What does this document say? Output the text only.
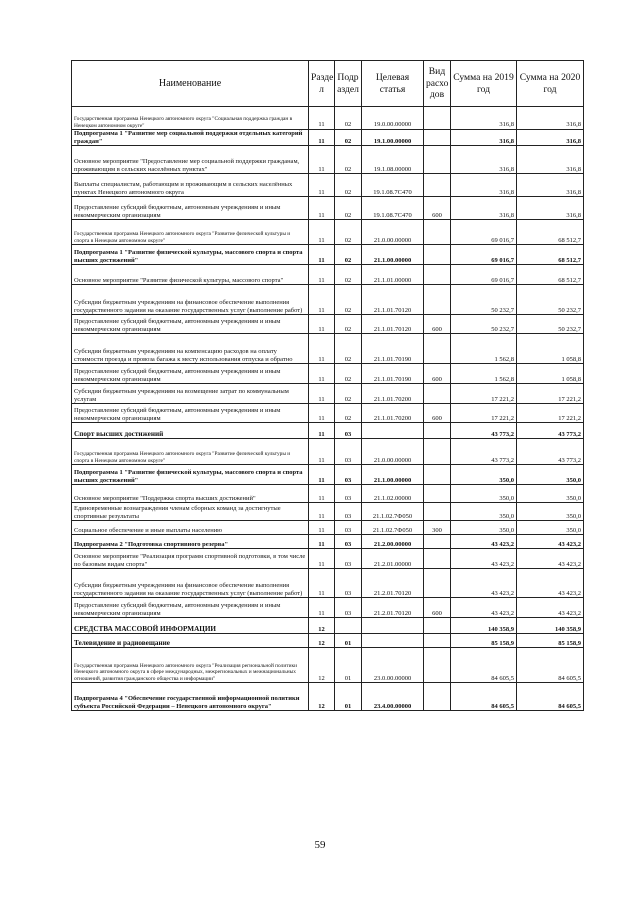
Наименование	Разде л	Подр аздел	Целевая статья	Вид расхо дов	Сумма на 2019 год	Сумма на 2020 год
Государственная программа Ненецкого автономного округа "Социальная поддержка граждан в Ненецком автономном округе"	11	02	19.0.00.00000		316,8	316,8
Подпрограмма 1 "Развитие мер социальной поддержки отдельных категорий граждан"	11	02	19.1.00.00000		316,8	316,8
Основное мероприятие "Предоставление мер социальной поддержки гражданам, проживающим в сельских населённых пунктах"	11	02	19.1.08.00000		316,8	316,8
Выплаты специалистам, работающим и проживающим в сельских населённых пунктах Ненецкого автономного округа	11	02	19.1.08.7С470		316,8	316,8
Предоставление субсидий бюджетным, автономным учреждениям и иным некоммерческим организациям	11	02	19.1.08.7С470	600	316,8	316,8
Государственная программа Ненецкого автономного округа "Развитие физической культуры и спорта в Ненецком автономном округе"	11	02	21.0.00.00000		69 016,7	68 512,7
Подпрограмма 1 "Развитие физической культуры, массового спорта и спорта высших достижений"	11	02	21.1.00.00000		69 016,7	68 512,7
Основное мероприятие "Развитие физической культуры, массового спорта"	11	02	21.1.01.00000		69 016,7	68 512,7
Субсидии бюджетным учреждениям на финансовое обеспечение выполнения государственного задания на оказание государственных услуг (выполнение работ)	11	02	21.1.01.70120		50 232,7	50 232,7
Предоставление субсидий бюджетным, автономным учреждениям и иным некоммерческим организациям	11	02	21.1.01.70120	600	50 232,7	50 232,7
Субсидии бюджетным учреждениям на компенсацию расходов на оплату стоимости проезда и провоза багажа к месту использования отпуска и обратно	11	02	21.1.01.70190		1 562,8	1 058,8
Предоставление субсидий бюджетным, автономным учреждениям и иным некоммерческим организациям	11	02	21.1.01.70190	600	1 562,8	1 058,8
Субсидии бюджетным учреждениям на возмещение затрат по коммунальным услугам	11	02	21.1.01.70200		17 221,2	17 221,2
Предоставление субсидий бюджетным, автономным учреждениям и иным некоммерческим организациям	11	02	21.1.01.70200	600	17 221,2	17 221,2
Спорт высших достижений	11	03			43 773,2	43 773,2
Государственная программа Ненецкого автономного округа "Развитие физической культуры и спорта в Ненецком автономном округе"	11	03	21.0.00.00000		43 773,2	43 773,2
Подпрограмма 1 "Развитие физической культуры, массового спорта и спорта высших достижений"	11	03	21.1.00.00000		350,0	350,0
Основное мероприятие "Поддержка спорта высших достижений"	11	03	21.1.02.00000		350,0	350,0
Единовременные вознаграждения членам сборных команд за достигнутые спортивные результаты	11	03	21.1.02.7Ф050		350,0	350,0
Социальное обеспечение и иные выплаты населению	11	03	21.1.02.7Ф050	300	350,0	350,0
Подпрограмма 2 "Подготовка спортивного резерва"	11	03	21.2.00.00000		43 423,2	43 423,2
Основное мероприятие "Реализация программ спортивной подготовки, в том числе по базовым видам спорта"	11	03	21.2.01.00000		43 423,2	43 423,2
Субсидии бюджетным учреждениям на финансовое обеспечение выполнения государственного задания на оказание государственных услуг (выполнение работ)	11	03	21.2.01.70120		43 423,2	43 423,2
Предоставление субсидий бюджетным, автономным учреждениям и иным некоммерческим организациям	11	03	21.2.01.70120	600	43 423,2	43 423,2
СРЕДСТВА МАССОВОЙ ИНФОРМАЦИИ	12				140 358,9	140 358,9
Телевидение и радиовещание	12	01			85 158,9	85 158,9
Государственная программа Ненецкого автономного округа "Реализация региональной политики Ненецкого автономного округа в сфере международных, межрегиональных и межнациональных отношений, развития гражданского общества и информации"	12	01	23.0.00.00000		84 605,5	84 605,5
Подпрограмма 4 "Обеспечение государственной информационной политики субъекта Российской Федерации – Ненецкого автономного округа"	12	01	23.4.00.00000		84 605,5	84 605,5
59
